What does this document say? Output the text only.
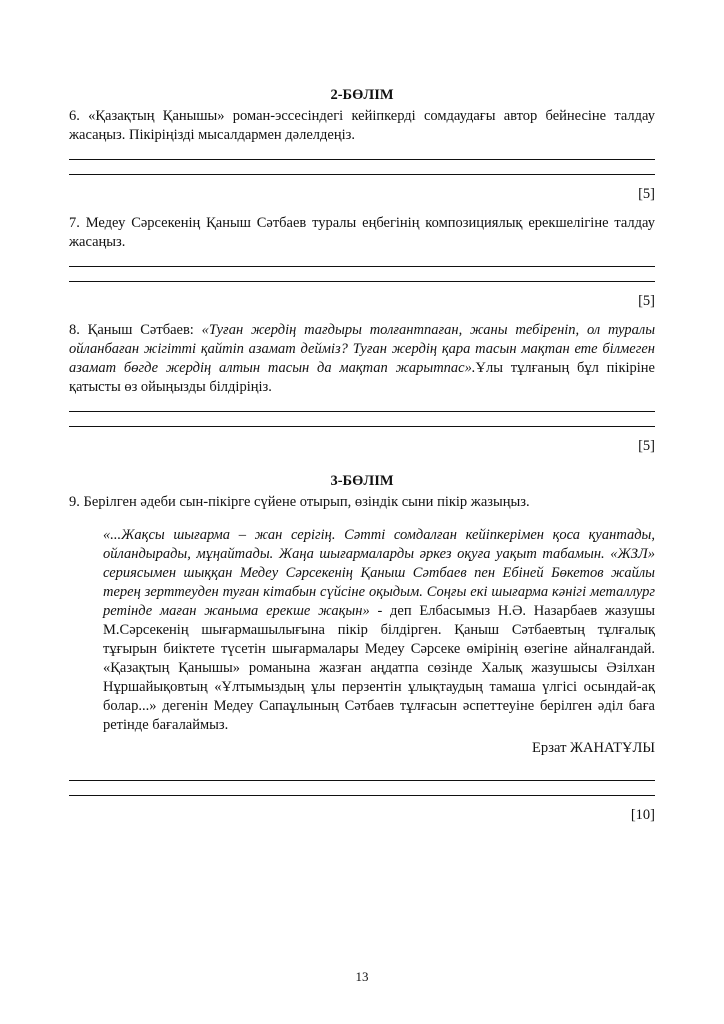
2-БӨЛІМ

6. «Қазақтың Қанышы» роман-эссесіндегі кейіпкерді сомдаудағы автор бейнесіне талдау жасаңыз. Пікіріңізді мысалдармен дәлелдеңіз.

[5]

7. Медеу Сәрсекенің Қаныш Сәтбаев туралы еңбегінің композициялық ерекшелігіне талдау жасаңыз.

[5]

8. Қаныш Сәтбаев: «Туған жердің тағдыры толғантпаған, жаны тебіреніп, ол туралы ойланбаған жігітті қайтіп азамат дейміз? Туған жердің қара тасын мақтан ете білмеген азамат бөгде жердің алтын тасын да мақтап жарытпас».Ұлы тұлғаның бұл пікіріне қатысты өз ойыңызды білдіріңіз.

[5]
3-БӨЛІМ

9. Берілген әдеби сын-пікірге сүйене отырып, өзіндік сыни пікір жазыңыз.

«...Жақсы шығарма – жан серігің. Сәтті сомдалған кейіпкерімен қоса қуантады, ойландырады, мұңайтады. Жаңа шығармаларды әркез оқуға уақыт табамын. «ЖЗЛ» сериясымен шыққан Медеу Сәрсекенің Қаныш Сәтбаев пен Ебіней Бөкетов жайлы терең зерттеуден туған кітабын сүйсіне оқыдым. Соңғы екі шығарма кәнігі металлург ретінде маған жаныма ерекше жақын» - деп Елбасымыз Н.Ә. Назарбаев жазушы М.Сәрсекенің шығармашылығына пікір білдірген. Қаныш Сәтбаевтың тұлғалық тұғырын биіктете түсетін шығармалары Медеу Сәрсеке өмірінің өзегіне айналғандай. «Қазақтың Қанышы» романына жазған аңдатпа сөзінде Халық жазушысы Әзілхан Нұршайықовтың «Ұлтымыздың ұлы перзентін ұлықтаудың тамаша үлгісі осындай-ақ болар...» дегенін Медеу Сапаұлының Сәтбаев тұлғасын әспеттеуіне берілген әділ баға ретінде бағалаймыз.

Ерзат ЖАНАТҰЛЫ
[10]
13
